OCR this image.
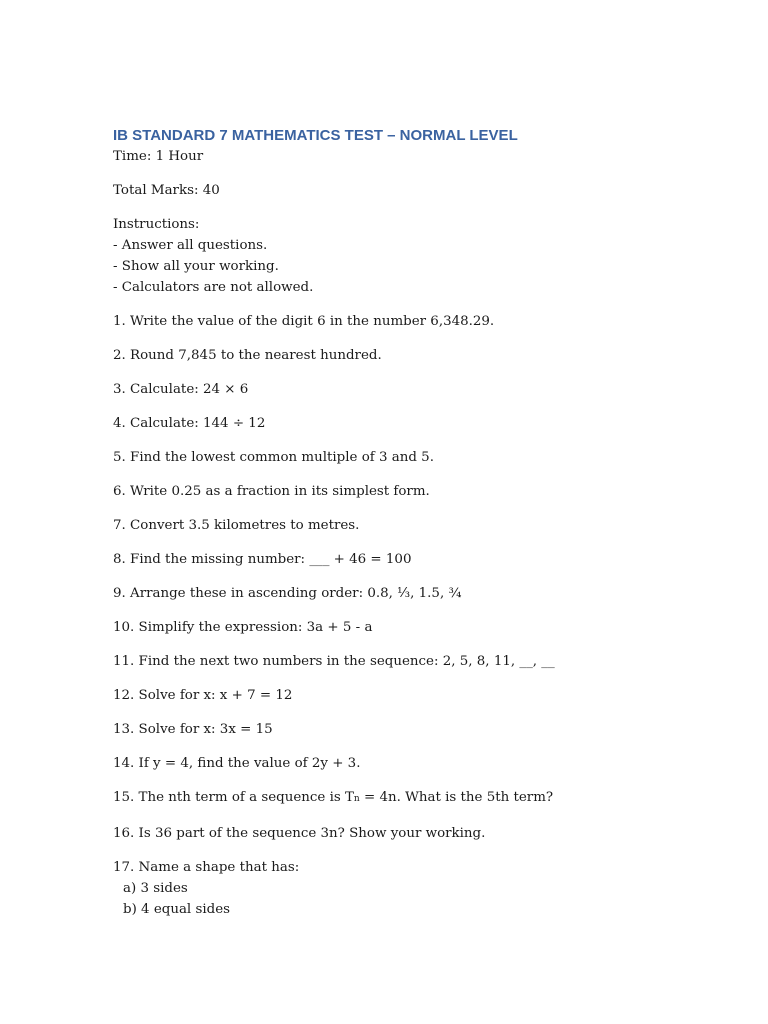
IB STANDARD 7 MATHEMATICS TEST – NORMAL LEVEL

Time: 1 Hour

Total Marks: 40

Instructions:

- Answer all questions.

- Show all your working.

- Calculators are not allowed.

1. Write the value of the digit 6 in the number 6,348.29.

2. Round 7,845 to the nearest hundred.

3. Calculate: 24 × 6

4. Calculate: 144 ÷ 12

5. Find the lowest common multiple of 3 and 5.

6. Write 0.25 as a fraction in its simplest form.

7. Convert 3.5 kilometres to metres.

8. Find the missing number: ___ + 46 = 100

9. Arrange these in ascending order: 0.8, ⅓, 1.5, ¾

10. Simplify the expression: 3a + 5 - a

11. Find the next two numbers in the sequence: 2, 5, 8, 11, __, __

12. Solve for x: x + 7 = 12

13. Solve for x: 3x = 15

14. If y = 4, find the value of 2y + 3.

15. The nth term of a sequence is Tn = 4n. What is the 5th term?

16. Is 36 part of the sequence 3n? Show your working.

17. Name a shape that has:

a) 3 sides

b) 4 equal sides
